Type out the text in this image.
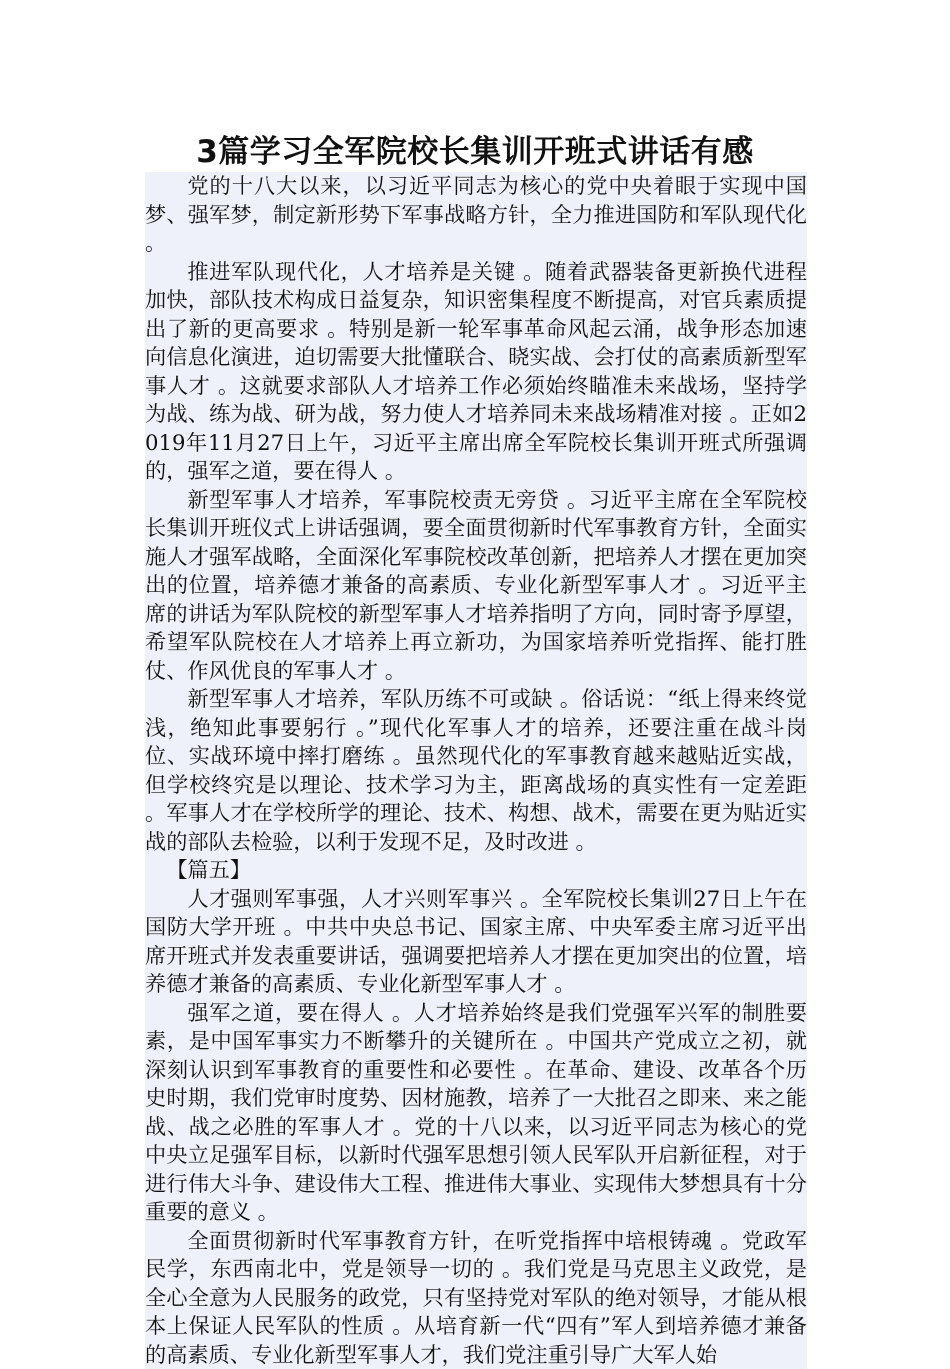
3篇学习全军院校长集训开班式讲话有感

党的十八大以来，以习近平同志为核心的党中央着眼于实现中国梦、强军梦，制定新形势下军事战略方针，全力推进国防和军队现代化 。

推进军队现代化，人才培养是关键 。随着武器装备更新换代进程加快，部队技术构成日益复杂，知识密集程度不断提高，对官兵素质提出了新的更高要求 。特别是新一轮军事革命风起云涌，战争形态加速向信息化演进，迫切需要大批懂联合、晓实战、会打仗的高素质新型军事人才 。这就要求部队人才培养工作必须始终瞄准未来战场，坚持学为战、练为战、研为战，努力使人才培养同未来战场精准对接 。正如2019年11月27日上午，习近平主席出席全军院校长集训开班式所强调的，强军之道，要在得人 。

新型军事人才培养，军事院校责无旁贷 。习近平主席在全军院校长集训开班仪式上讲话强调，要全面贯彻新时代军事教育方针，全面实施人才强军战略，全面深化军事院校改革创新，把培养人才摆在更加突出的位置，培养德才兼备的高素质、专业化新型军事人才 。习近平主席的讲话为军队院校的新型军事人才培养指明了方向，同时寄予厚望，希望军队院校在人才培养上再立新功，为国家培养听党指挥、能打胜仗、作风优良的军事人才 。

新型军事人才培养，军队历练不可或缺 。俗话说：“纸上得来终觉浅，绝知此事要躬行 。”现代化军事人才的培养，还要注重在战斗岗位、实战环境中摔打磨练 。虽然现代化的军事教育越来越贴近实战，但学校终究是以理论、技术学习为主，距离战场的真实性有一定差距 。军事人才在学校所学的理论、技术、构想、战术，需要在更为贴近实战的部队去检验，以利于发现不足，及时改进 。

【篇五】

人才强则军事强，人才兴则军事兴 。全军院校长集训27日上午在国防大学开班 。中共中央总书记、国家主席、中央军委主席习近平出席开班式并发表重要讲话，强调要把培养人才摆在更加突出的位置，培养德才兼备的高素质、专业化新型军事人才 。

强军之道，要在得人 。人才培养始终是我们党强军兴军的制胜要素，是中国军事实力不断攀升的关键所在 。中国共产党成立之初，就深刻认识到军事教育的重要性和必要性 。在革命、建设、改革各个历史时期，我们党审时度势、因材施教，培养了一大批召之即来、来之能战、战之必胜的军事人才 。党的十八以来，以习近平同志为核心的党中央立足强军目标，以新时代强军思想引领人民军队开启新征程，对于进行伟大斗争、建设伟大工程、推进伟大事业、实现伟大梦想具有十分重要的意义 。

全面贯彻新时代军事教育方针，在听党指挥中培根铸魂 。党政军民学，东西南北中，党是领导一切的 。我们党是马克思主义政党，是全心全意为人民服务的政党，只有坚持党对军队的绝对领导，才能从根本上保证人民军队的性质 。从培育新一代“四有”军人到培养德才兼备的高素质、专业化新型军事人才，我们党注重引导广大军人始
